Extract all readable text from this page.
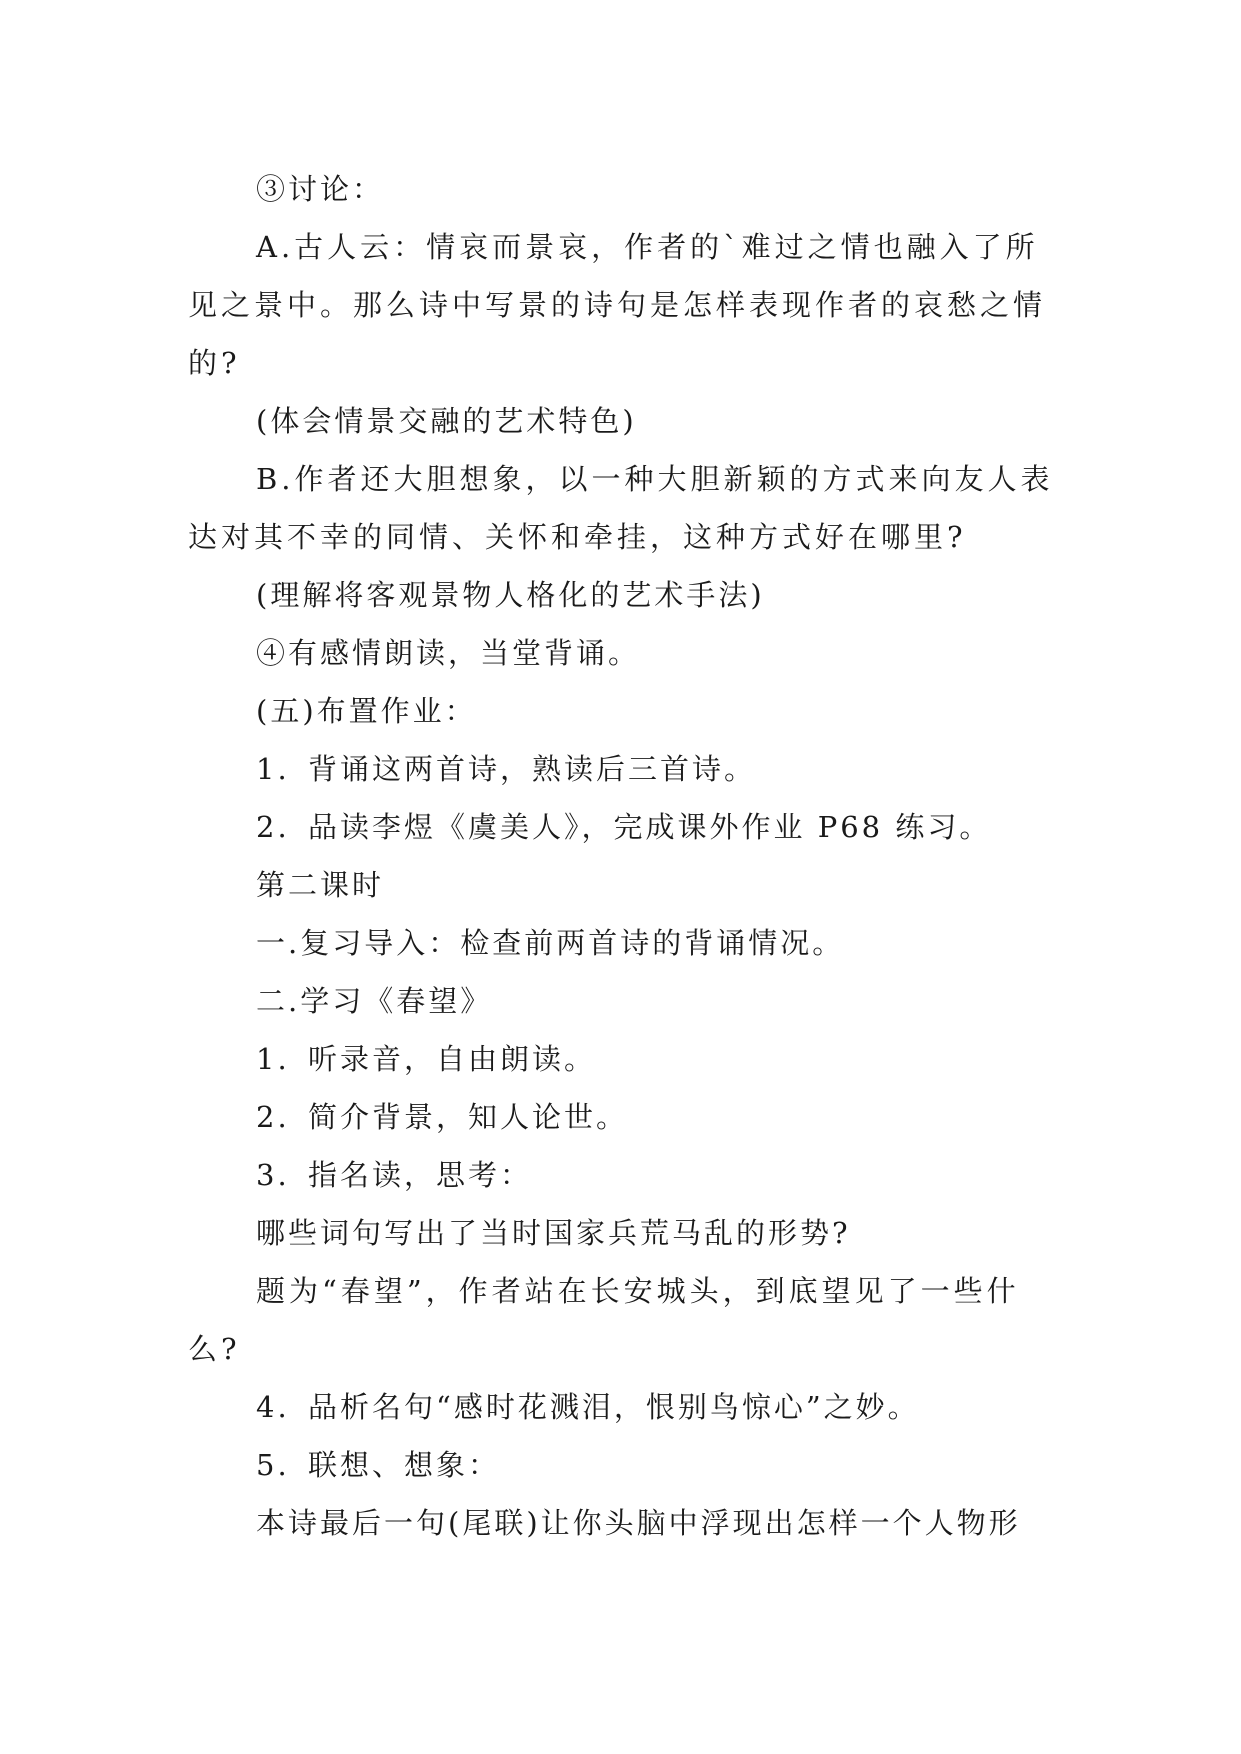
③讨论：

A.古人云：情哀而景哀，作者的`难过之情也融入了所见之景中。那么诗中写景的诗句是怎样表现作者的哀愁之情的?

(体会情景交融的艺术特色)

B.作者还大胆想象，以一种大胆新颖的方式来向友人表达对其不幸的同情、关怀和牵挂，这种方式好在哪里?

(理解将客观景物人格化的艺术手法)

④有感情朗读，当堂背诵。

(五)布置作业：

1. 背诵这两首诗，熟读后三首诗。

2. 品读李煜《虞美人》，完成课外作业 P68 练习。

第二课时

一.复习导入：检查前两首诗的背诵情况。

二.学习《春望》

1. 听录音，自由朗读。

2. 简介背景，知人论世。

3. 指名读，思考：

哪些词句写出了当时国家兵荒马乱的形势?

题为“春望”，作者站在长安城头，到底望见了一些什么?

4. 品析名句“感时花溅泪，恨别鸟惊心”之妙。

5. 联想、想象：

本诗最后一句(尾联)让你头脑中浮现出怎样一个人物形
